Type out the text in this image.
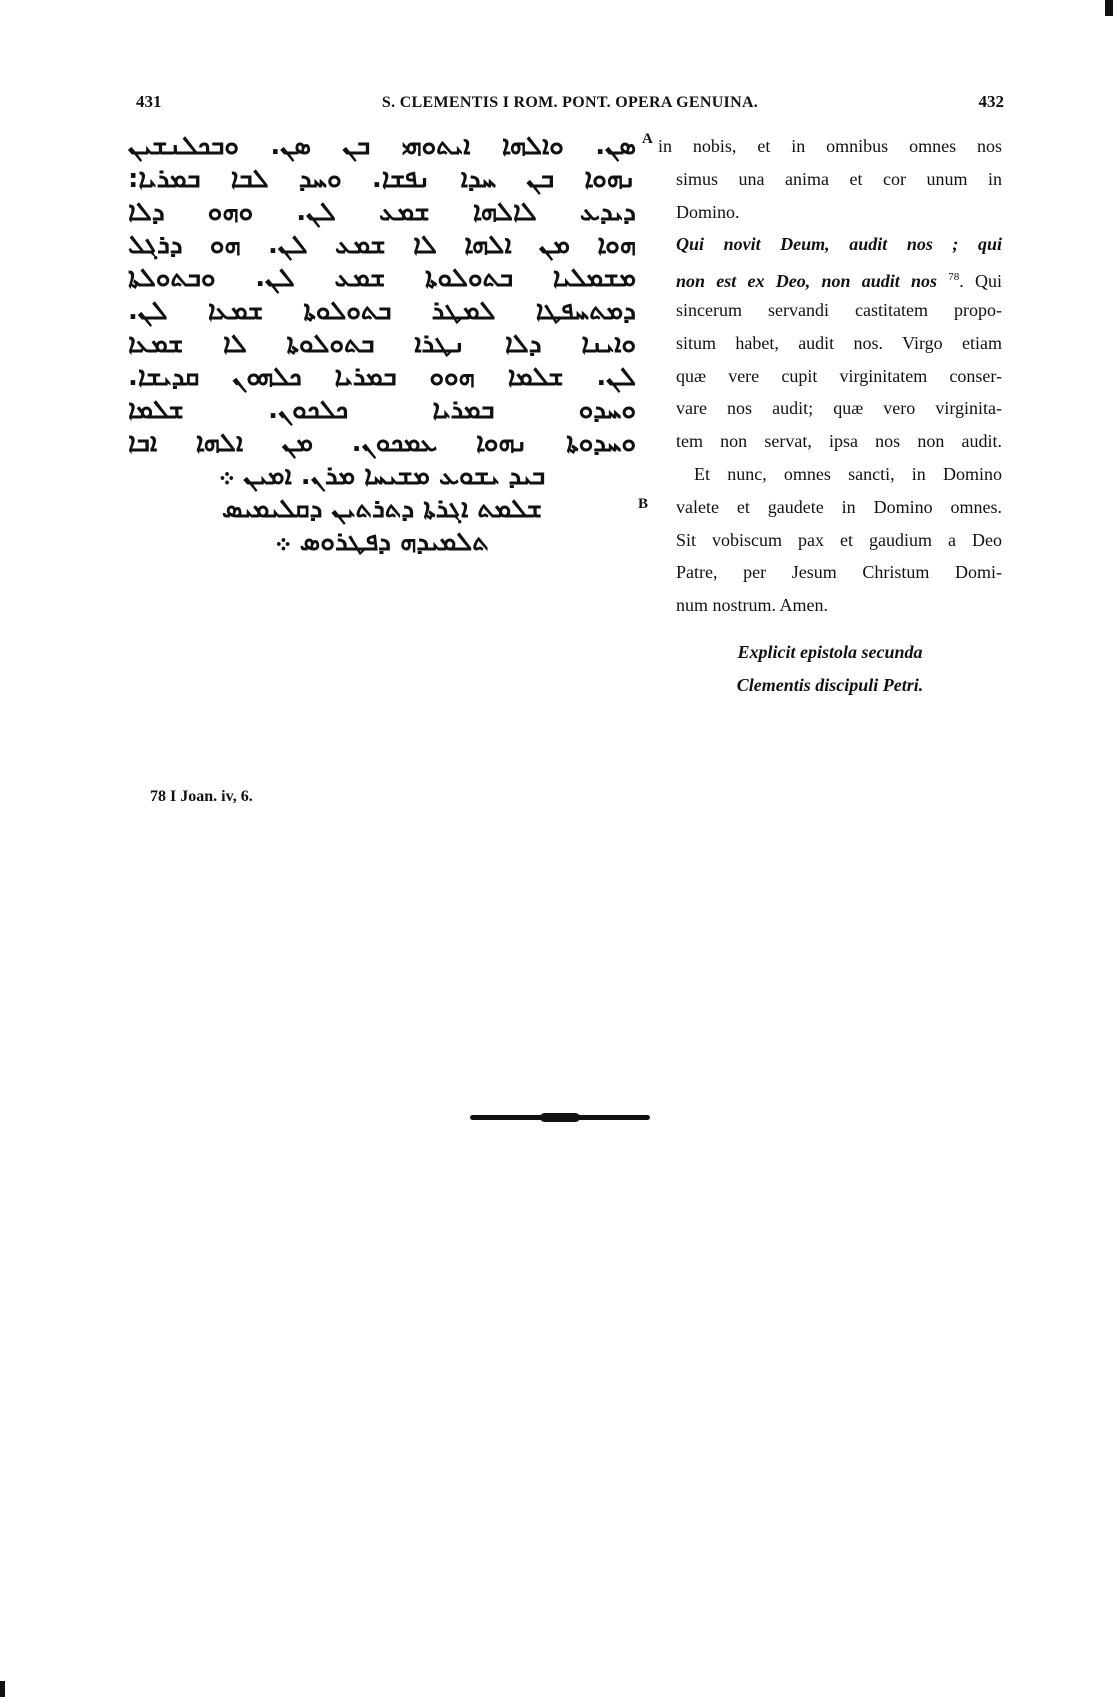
431	S. CLEMENTIS I ROM. PONT. OPERA GENUINA.	432
ܣܢ. ܘܐܠܗܐ ܐܝܬܘܗܝ ܒܢ ܣܢ. ܘܒܟܠܢܫܝܢ
ܢܗܘܐ ܒܢ ܚܕܐ ܢܦܫܐ. ܘܚܕ ܠܒܐ ܒܡܪܝܐ:
ܕܝܕܥ ܠܐܠܗܐ ܫܡܥ ܠܢ. ܘܗܘ ܕܠܐ
ܗܘܐ ܡܢ ܐܠܗܐ ܠܐ ܫܡܥ ܠܢ. ܗܘ ܕܪܓܠ
ܡܫܡܠܝܐ ܒܬܘܠܘܬܐ ܫܡܥ ܠܢ. ܘܒܬܘܠܬܐ
ܕܡܬܚܦܛܐ ܠܡܛܪ ܒܬܘܠܘܬܐ ܫܡܥܐ ܠܢ.
ܘܐܝܢܐ ܕܠܐ ܢܛܪܐ ܒܬܘܠܘܬܐ ܠܐ ܫܡܥܐ
ܠܢ. ܫܠܡܐ ܗܘܘ ܒܡܪܝܐ ܟܠܗܘܢ ܩܕܝܫܐ.
ܘܚܕܘ ܒܡܪܝܐ ܟܠܟܘܢ. ܫܠܡܐ
ܘܚܕܘܬܐ ܢܗܘܐ ܥܡܟܘܢ. ܡܢ ܐܠܗܐ ܐܒܐ
ܒܝܕ ܝܫܘܥ ܡܫܝܚܐ ܡܪܢ. ܐܡܝܢ ܀
ܫܠܡܬ ܐܓܪܬܐ ܕܬܪܬܝܢ ܕܩܠܝܡܝܣ
ܬܠܡܝܕܗ ܕܦܛܪܘܣ ܀
A
B
in nobis, et in omnibus omnes nos
simus una anima et cor unum in
Domino.
Qui novit Deum, audit nos ; qui
non est ex Deo, non audit nos $^{78}$. Qui
sincerum servandi castitatem propo-
situm habet, audit nos. Virgo etiam
quæ vere cupit virginitatem conser-
vare nos audit; quæ vero virginita-
tem non servat, ipsa nos non audit.
Et nunc, omnes sancti, in Domino
valete et gaudete in Domino omnes.
Sit vobiscum pax et gaudium a Deo
Patre, per Jesum Christum Domi-
num nostrum. Amen.
Explicit epistola secunda
Clementis discipuli Petri.
78 I Joan. iv, 6.
